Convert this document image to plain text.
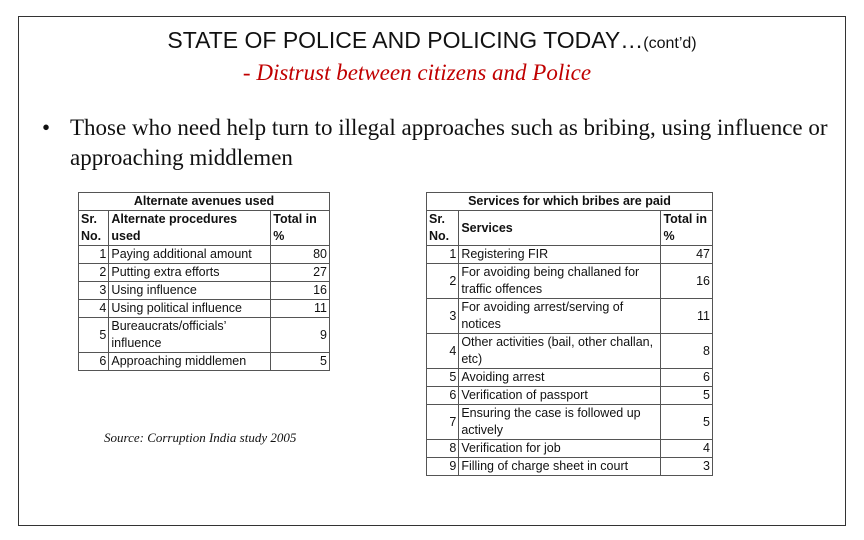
STATE OF POLICE AND POLICING TODAY…(cont’d)
- Distrust between citizens and Police
• Those who need help turn to illegal approaches such as bribing, using influence or approaching middlemen
Alternate avenues used		
Sr. No.	Alternate procedures used	Total in %
1	Paying additional amount	80
2	Putting extra efforts	27
3	Using influence	16
4	Using political influence	11
5	Bureaucrats/officials’ influence	9
6	Approaching middlemen	5
Source: Corruption India study 2005
Services for which bribes are paid		
Sr. No.	Services	Total in %
1	Registering FIR	47
2	For avoiding being challaned for traffic offences	16
3	For avoiding arrest/serving of notices	11
4	Other activities (bail, other challan, etc)	8
5	Avoiding arrest	6
6	Verification of passport	5
7	Ensuring the case is followed up actively	5
8	Verification for job	4
9	Filling of charge sheet in court	3
